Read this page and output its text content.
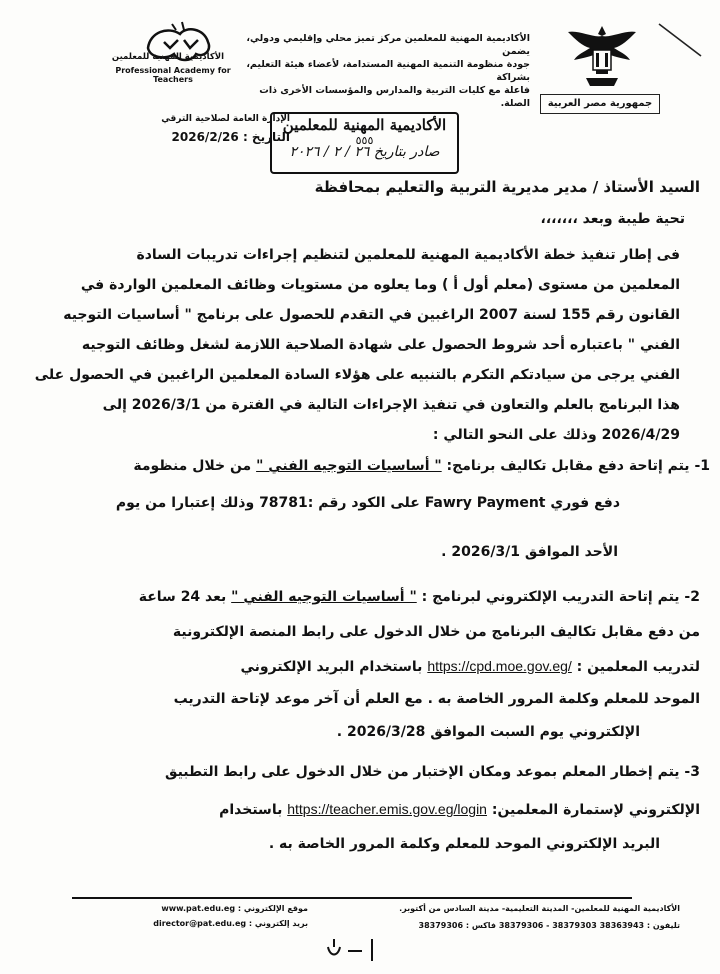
جمهورية مصر العربية
الأكاديمية المهنية للمعلمين مركز تميز محلي وإقليمي ودولي، يضمن
جودة منظومة التنمية المهنية المستدامة، لأعضاء هيئة التعليم، بشراكة
فاعلة مع كليات التربية والمدارس والمؤسسات الأخرى ذات الصلة.
الأكاديمية المهنية للمعلمين
Professional Academy for Teachers
الإدارة العامة لصلاحية الترقي
التاريخ : 2026/2/26
الأكاديمية المهنية للمعلمين
٥٥٥
صادر بتاريخ ٢٦ / ٢ / ٢٠٢٦
السيد الأستاذ / مدير مديرية التربية والتعليم بمحافظة
تحية طيبة وبعد ،،،،،،،
فى إطار تنفيذ خطة الأكاديمية المهنية للمعلمين لتنظيم إجراءات تدريبات السادة
المعلمين من مستوى (معلم أول أ ) وما يعلوه من مستويات وظائف المعلمين الواردة في
القانون رقم 155 لسنة 2007 الراغبين في التقدم للحصول على برنامج " أساسيات التوجيه
الفني " باعتباره أحد شروط الحصول على شهادة الصلاحية اللازمة لشغل وظائف التوجيه
الفني يرجى من سيادتكم التكرم بالتنبيه على هؤلاء السادة المعلمين الراغبين في الحصول على
هذا البرنامج بالعلم والتعاون في تنفيذ الإجراءات التالية في الفترة من 2026/3/1 إلى
2026/4/29 وذلك على النحو التالي :
1- يتم إتاحة دفع مقابل تكاليف برنامج: " أساسيات التوجيه الفني " من خلال منظومة
دفع فوري Fawry Payment على الكود رقم :78781 وذلك إعتبارا من يوم
الأحد الموافق 2026/3/1 .
2- يتم إتاحة التدريب الإلكتروني لبرنامج : " أساسيات التوجيه الفني " بعد 24 ساعة
من دفع مقابل تكاليف البرنامج من خلال الدخول على رابط المنصة الإلكترونية
لتدريب المعلمين : https://cpd.moe.gov.eg/ باستخدام البريد الإلكتروني
الموحد للمعلم وكلمة المرور الخاصة به . مع العلم أن آخر موعد لإتاحة التدريب
الإلكتروني يوم السبت الموافق 2026/3/28 .
3- يتم إخطار المعلم بموعد ومكان الإختبار من خلال الدخول على رابط التطبيق
الإلكتروني لإستمارة المعلمين: https://teacher.emis.gov.eg/login باستخدام
البريد الإلكتروني الموحد للمعلم وكلمة المرور الخاصة به .
الأكاديمية المهنية للمعلمين- المدينة التعليمية- مدينة السادس من أكتوبر.
تليفون : 38363943 38379303 - 38379306 فاكس : 38379306
موقع الإلكتروني : www.pat.edu.eg
بريد إلكتروني : director@pat.edu.eg
